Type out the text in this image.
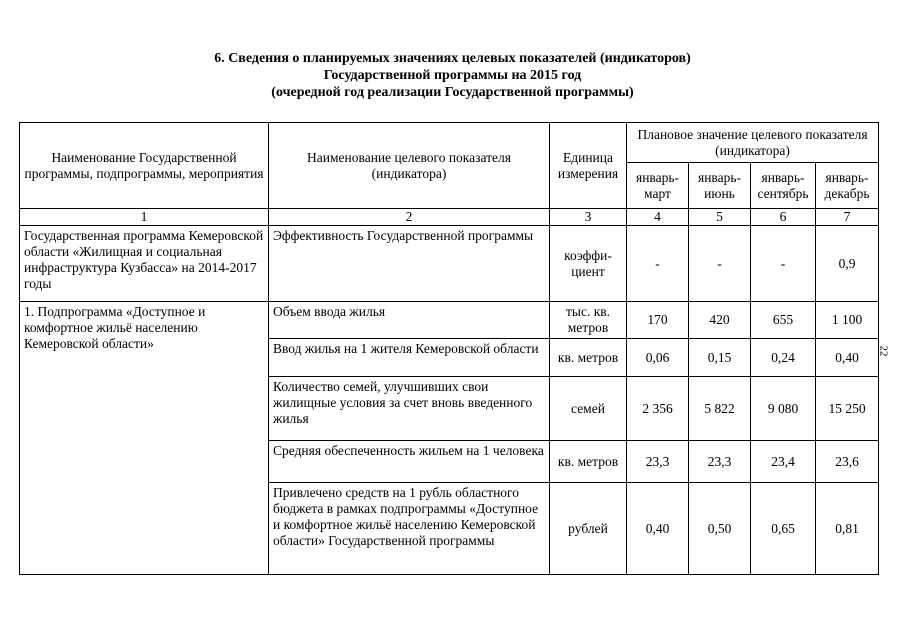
6. Сведения о планируемых значениях целевых показателей (индикаторов)
Государственной программы на 2015 год
(очередной год реализации Государственной программы)
22
Наименование Государственной программы, подпрограммы, мероприятия	Наименование целевого показателя (индикатора)	Единица измерения	Плановое значение целевого показателя (индикатора)			
			январь-март	январь-июнь	январь-сентябрь	январь-декабрь
1	2	3	4	5	6	7
Государственная программа Кемеровской области «Жилищная и социальная инфраструктура Кузбасса» на 2014-2017 годы	Эффективность Государственной программы	коэффи-циент	-	-	-	0,9
1. Подпрограмма «Доступное и комфортное жильё населению Кемеровской области»	Объем ввода жилья	тыс. кв. метров	170	420	655	1 100
	Ввод жилья на 1 жителя Кемеровской области	кв. метров	0,06	0,15	0,24	0,40
	Количество семей, улучшивших свои жилищные условия за счет вновь введенного жилья	семей	2 356	5 822	9 080	15 250
	Средняя обеспеченность жильем на 1 человека	кв. метров	23,3	23,3	23,4	23,6
	Привлечено средств на 1 рубль областного бюджета в рамках подпрограммы «Доступное и комфортное жильё населению Кемеровской области» Государственной программы	рублей	0,40	0,50	0,65	0,81
